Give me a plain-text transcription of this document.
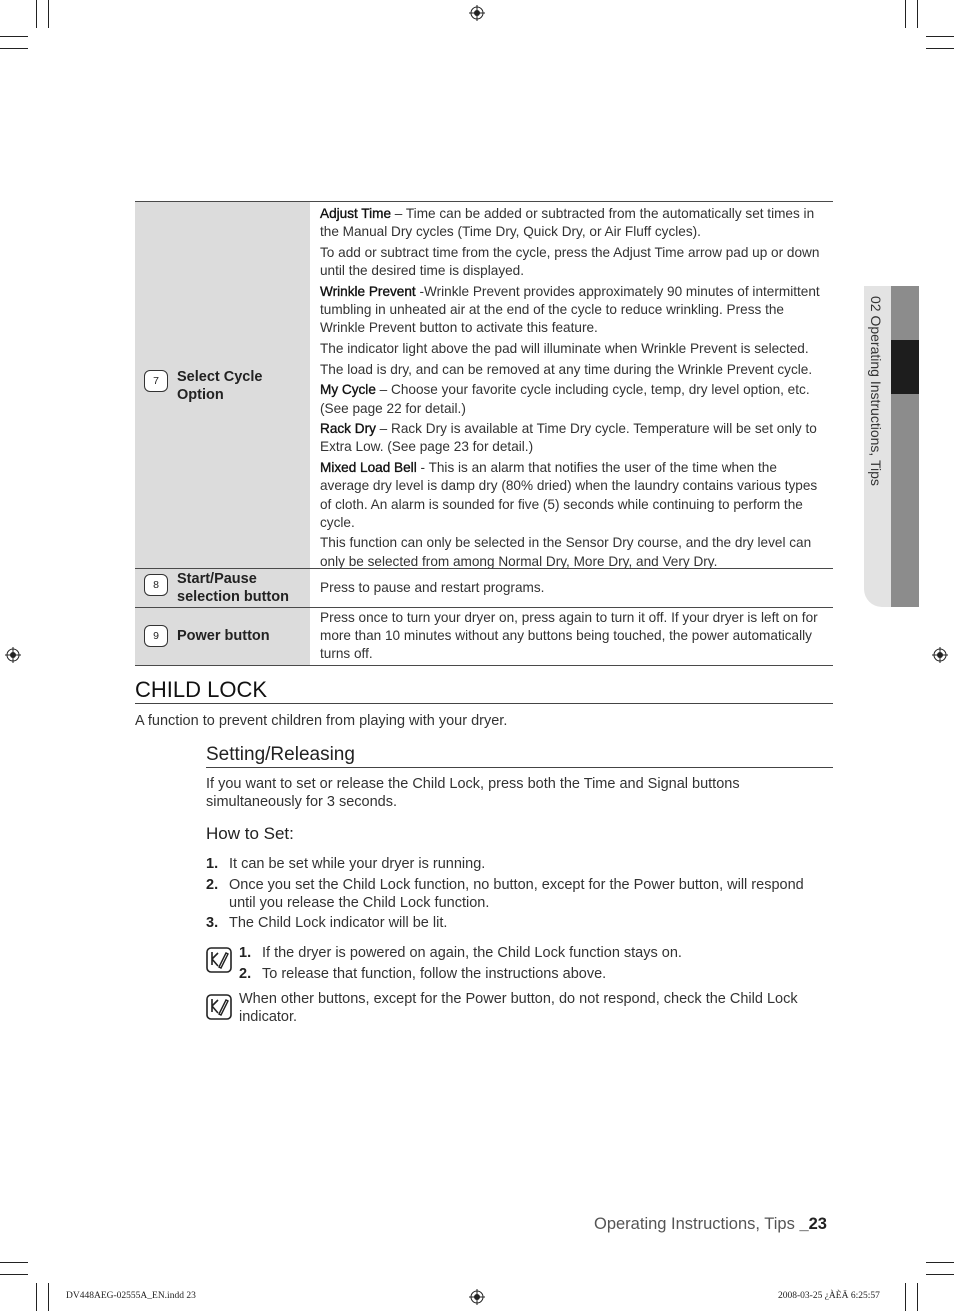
7	Select Cycle
Option

Adjust Time – Time can be added or subtracted from the automatically set times in the Manual Dry cycles (Time Dry, Quick Dry, or Air Fluff cycles).

To add or subtract time from the cycle, press the Adjust Time arrow pad up or down until the desired time is displayed.

Wrinkle Prevent -Wrinkle Prevent provides approximately 90 minutes of intermittent tumbling in unheated air at the end of the cycle to reduce wrinkling. Press the Wrinkle Prevent button to activate this feature.

The indicator light above the pad will illuminate when Wrinkle Prevent is selected.

The load is dry, and can be removed at any time during the Wrinkle Prevent cycle.

My Cycle – Choose your favorite cycle including cycle, temp, dry level option, etc. (See page 22 for detail.)

Rack Dry – Rack Dry is available at Time Dry cycle. Temperature will be set only to Extra Low. (See page 23 for detail.)

Mixed Load Bell - This is an alarm that notifies the user of the time when the average dry level is damp dry (80% dried) when the laundry contains various types of cloth. An alarm is sounded for five (5) seconds while continuing to perform the cycle.

This function can only be selected in the Sensor Dry course, and the dry level can only be selected from among Normal Dry, More Dry, and Very Dry.

8	Start/Pause
selection button
Press to pause and restart programs.
9	Power button
Press once to turn your dryer on, press again to turn it off. If your dryer is left on for more than 10 minutes without any buttons being touched, the power automatically turns off.
02 Operating Instructions, Tips
CHILD LOCK
A function to prevent children from playing with your dryer.
Setting/Releasing
If you want to set or release the Child Lock, press both the Time and Signal buttons simultaneously for 3 seconds.
How to Set:
1. It can be set while your dryer is running.
2. Once you set the Child Lock function, no button, except for the Power button, will respond until you release the Child Lock function.
3. The Child Lock indicator will be lit.
1. If the dryer is powered on again, the Child Lock function stays on.
2. To release that function, follow the instructions above.
When other buttons, except for the Power button, do not respond, check the Child Lock indicator.
Operating Instructions, Tips _23
DV448AEG-02555A_EN.indd 23	2008-03-25 ¿ÀÈÄ 6:25:57
